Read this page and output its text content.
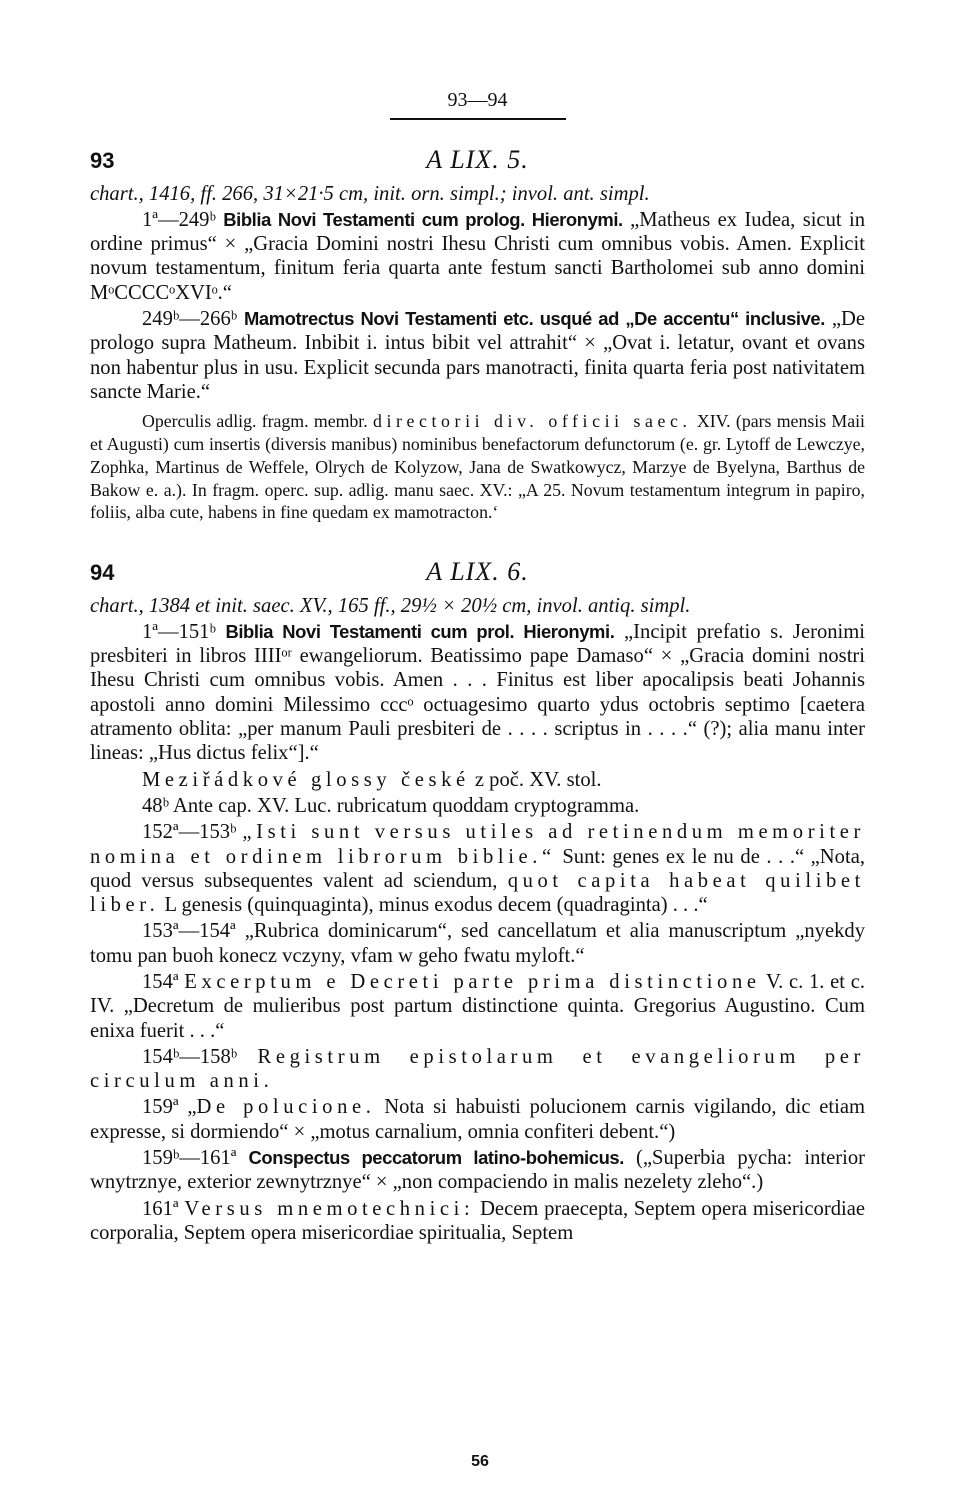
93—94
93	A LIX. 5.

chart., 1416, ff. 266, 31×21·5 cm, init. orn. simpl.; invol. ant. simpl.

1ª—249ᵇ Biblia Novi Testamenti cum prolog. Hieronymi. „Matheus ex Iudea, sicut in ordine primus“ × „Gracia Domini nostri Ihesu Christi cum omnibus vobis. Amen. Explicit novum testamentum, finitum feria quarta ante festum sancti Bartholomei sub anno domini MᵒCCCCᵒXVIᵒ.“

249ᵇ—266ᵇ Mamotrectus Novi Testamenti etc. usqué ad „De accentu“ inclusive. „De prologo supra Matheum. Inbibit i. intus bibit vel attrahit“ × „Ovat i. letatur, ovant et ovans non habentur plus in usu. Explicit secunda pars manotracti, finita quarta feria post nativitatem sancte Marie.“

Operculis adlig. fragm. membr. directorii div. officii saec. XIV. (pars mensis Maii et Augusti) cum insertis (diversis manibus) nominibus benefactorum defunctorum (e. gr. Lytoff de Lewczye, Zophka, Martinus de Weffele, Olrych de Kolyzow, Jana de Swatkowycz, Marzye de Byelyna, Barthus de Bakow e. a.). In fragm. operc. sup. adlig. manu saec. XV.: „A 25. Novum testamentum integrum in papiro, foliis, alba cute, habens in fine quedam ex mamotracton.‘

94	A LIX. 6.

chart., 1384 et init. saec. XV., 165 ff., 29½ × 20½ cm, invol. antiq. simpl.

1ª—151ᵇ Biblia Novi Testamenti cum prol. Hieronymi. „Incipit prefatio s. Jeronimi presbiteri in libros IIIIᵒʳ ewangeliorum. Beatissimo pape Damaso“ × „Gracia domini nostri Ihesu Christi cum omnibus vobis. Amen . . . Finitus est liber apocalipsis beati Johannis apostoli anno domini Milessimo cccᵒ octuagesimo quarto ydus octobris septimo [caetera atramento oblita: „per manum Pauli presbiteri de . . . . scriptus in . . . .“ (?); alia manu inter lineas: „Hus dictus felix“].“

Meziřádkové glossy české z poč. XV. stol.

48ᵇ Ante cap. XV. Luc. rubricatum quoddam cryptogramma.

152ª—153ᵇ „Isti sunt versus utiles ad retinendum memoriter nomina et ordinem librorum biblie.“ Sunt: genes ex le nu de . . .“ „Nota, quod versus subsequentes valent ad sciendum, quot capita habeat quilibet liber. L genesis (quinquaginta), minus exodus decem (quadraginta) . . .“

153ª—154ª „Rubrica dominicarum“, sed cancellatum et alia manuscriptum „nyekdy tomu pan buoh konecz vczyny, vfam w geho fwatu myloft.“

154ª Excerptum e Decreti parte prima distinctione V. c. 1. et c. IV. „Decretum de mulieribus post partum distinctione quinta. Gregorius Augustino. Cum enixa fuerit . . .“

154ᵇ—158ᵇ Registrum epistolarum et evangeliorum per circulum anni.

159ª „De polucione. Nota si habuisti polucionem carnis vigilando, dic etiam expresse, si dormiendo“ × „motus carnalium, omnia confiteri debent.“)

159ᵇ—161ª Conspectus peccatorum latino-bohemicus. („Superbia pycha: interior wnytrznye, exterior zewnytrznye“ × „non compaciendo in malis nezelety zleho“.)

161ª Versus mnemotechnici: Decem praecepta, Septem opera misericordiae corporalia, Septem opera misericordiae spiritualia, Septem

56
